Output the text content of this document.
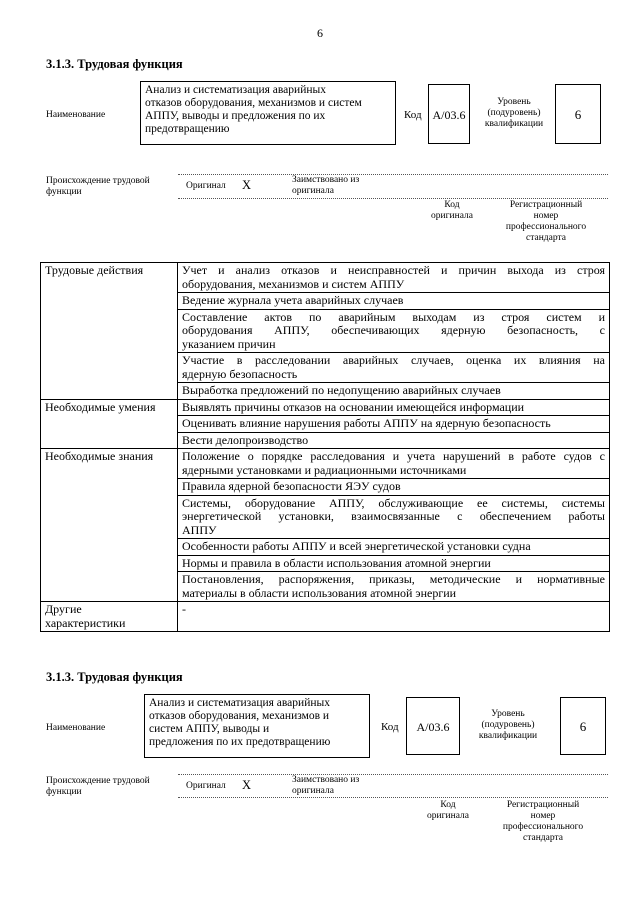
6
3.1.3. Трудовая функция
Наименование
Анализ и систематизация аварийных
отказов оборудования, механизмов и систем
АППУ, выводы и предложения по их
предотвращению
Код А/03.6
Уровень
(подуровень)
квалификации
6
Происхождение трудовой
функции
Оригинал X	Заимствовано из
оригинала
Код
оригинала
Регистрационный
номер
профессионального
стандарта
Трудовые действия	Учет и анализ отказов и неисправностей и причин выхода из строя
оборудования, механизмов и систем АППУ

	Ведение журнала учета аварийных случаев

	Составление актов по аварийным выходам из строя систем и
оборудования АППУ, обеспечивающих ядерную безопасность, с
указанием причин

	Участие в расследовании аварийных случаев, оценка их влияния на
ядерную безопасность

	Выработка предложений по недопущению аварийных случаев

Необходимые умения	Выявлять причины отказов на основании имеющейся информации

	Оценивать влияние нарушения работы АППУ на ядерную безопасность

	Вести делопроизводство

Необходимые знания	Положение о порядке расследования и учета нарушений в работе судов с
ядерными установками и радиационными источниками

	Правила ядерной безопасности ЯЭУ судов

	Системы, оборудование АППУ, обслуживающие ее системы, системы
энергетической установки, взаимосвязанные с обеспечением работы
АППУ

	Особенности работы АППУ и всей энергетической установки судна

	Нормы и правила в области использования атомной энергии

	Постановления, распоряжения, приказы, методические и нормативные
материалы в области использования атомной энергии

Другие
характеристики	-
3.1.3. Трудовая функция
Наименование
Анализ и систематизация аварийных
отказов оборудования, механизмов и
систем АППУ, выводы и
предложения по их предотвращению
Код	А/03.6
Уровень
(подуровень)
квалификации
6
Происхождение трудовой
функции
Оригинал X	Заимствовано из
оригинала
Код
оригинала
Регистрационный
номер
профессионального
стандарта
